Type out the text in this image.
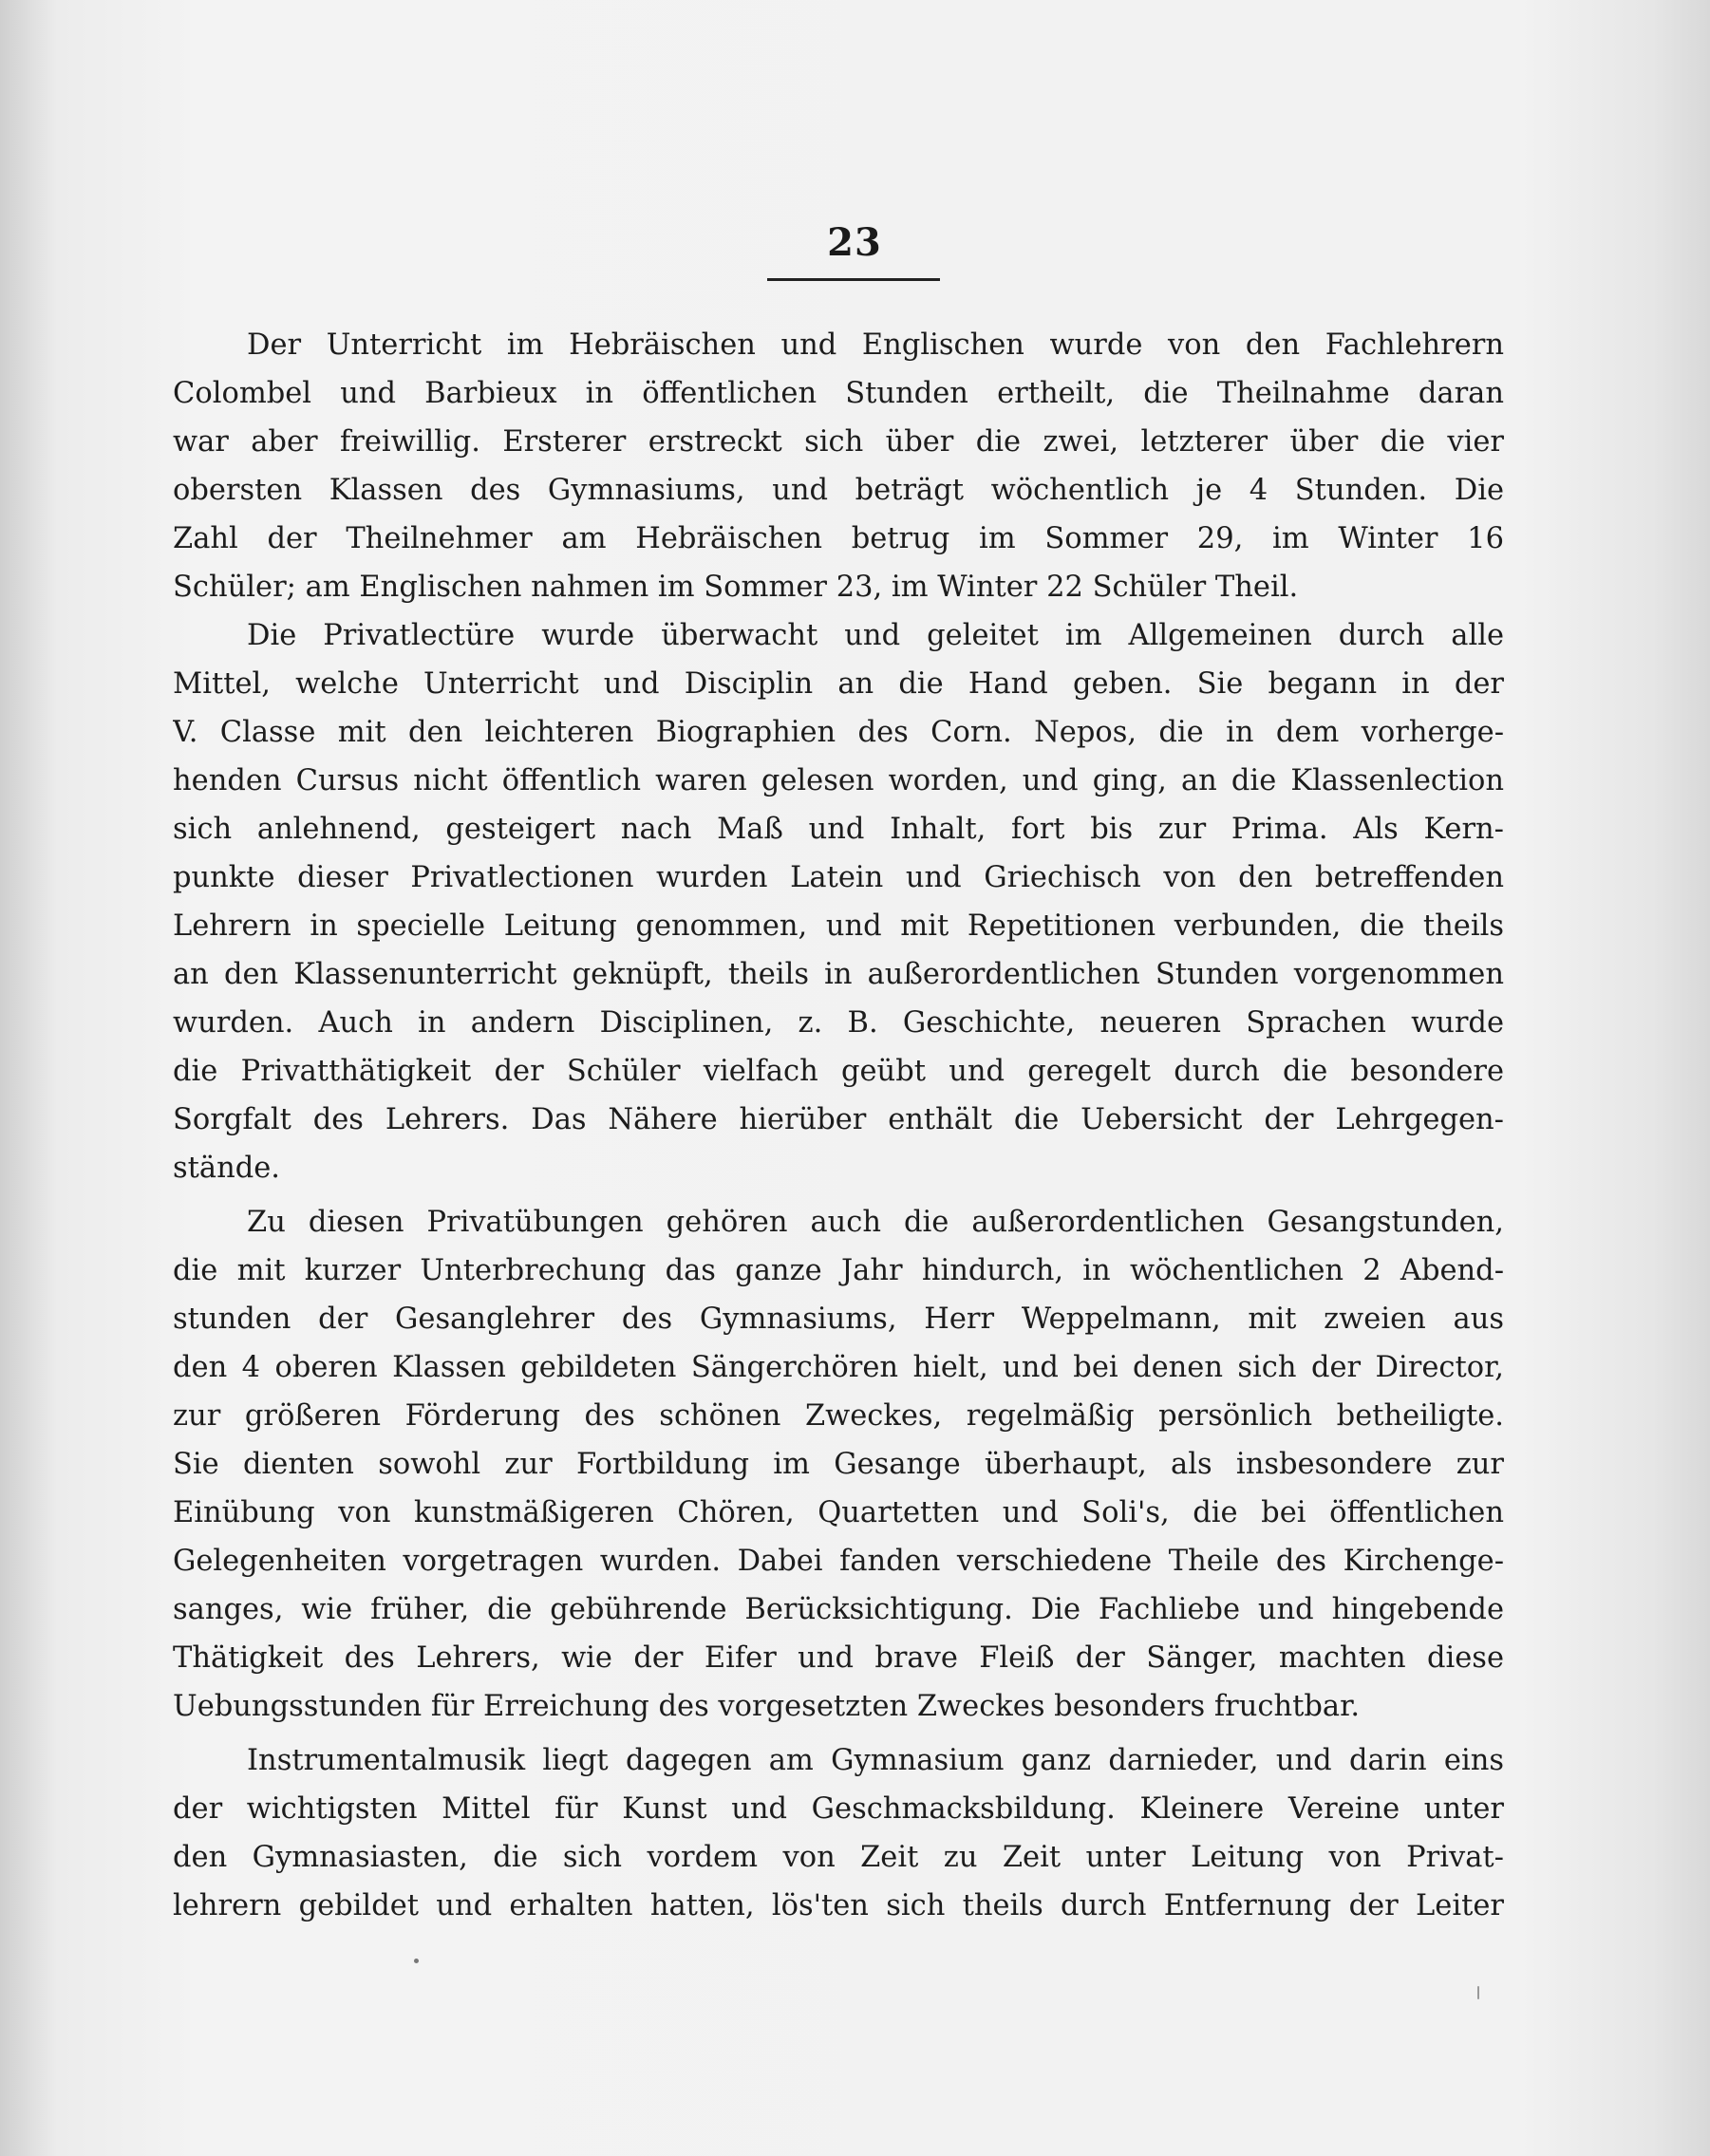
23
Der Unterricht im Hebräischen und Englischen wurde von den Fachlehrern
Colombel und Barbieux in öffentlichen Stunden ertheilt, die Theilnahme daran
war aber freiwillig. Ersterer erstreckt sich über die zwei, letzterer über die vier
obersten Klassen des Gymnasiums, und beträgt wöchentlich je 4 Stunden. Die
Zahl der Theilnehmer am Hebräischen betrug im Sommer 29, im Winter 16
Schüler; am Englischen nahmen im Sommer 23, im Winter 22 Schüler Theil.
Die Privatlectüre wurde überwacht und geleitet im Allgemeinen durch alle
Mittel, welche Unterricht und Disciplin an die Hand geben. Sie begann in der
V. Classe mit den leichteren Biographien des Corn. Nepos, die in dem vorherge-
henden Cursus nicht öffentlich waren gelesen worden, und ging, an die Klassenlection
sich anlehnend, gesteigert nach Maß und Inhalt, fort bis zur Prima. Als Kern-
punkte dieser Privatlectionen wurden Latein und Griechisch von den betreffenden
Lehrern in specielle Leitung genommen, und mit Repetitionen verbunden, die theils
an den Klassenunterricht geknüpft, theils in außerordentlichen Stunden vorgenommen
wurden. Auch in andern Disciplinen, z. B. Geschichte, neueren Sprachen wurde
die Privatthätigkeit der Schüler vielfach geübt und geregelt durch die besondere
Sorgfalt des Lehrers. Das Nähere hierüber enthält die Uebersicht der Lehrgegen-
stände.
Zu diesen Privatübungen gehören auch die außerordentlichen Gesangstunden,
die mit kurzer Unterbrechung das ganze Jahr hindurch, in wöchentlichen 2 Abend-
stunden der Gesanglehrer des Gymnasiums, Herr Weppelmann, mit zweien aus
den 4 oberen Klassen gebildeten Sängerchören hielt, und bei denen sich der Director,
zur größeren Förderung des schönen Zweckes, regelmäßig persönlich betheiligte.
Sie dienten sowohl zur Fortbildung im Gesange überhaupt, als insbesondere zur
Einübung von kunstmäßigeren Chören, Quartetten und Soli's, die bei öffentlichen
Gelegenheiten vorgetragen wurden. Dabei fanden verschiedene Theile des Kirchenge-
sanges, wie früher, die gebührende Berücksichtigung. Die Fachliebe und hingebende
Thätigkeit des Lehrers, wie der Eifer und brave Fleiß der Sänger, machten diese
Uebungsstunden für Erreichung des vorgesetzten Zweckes besonders fruchtbar.
Instrumentalmusik liegt dagegen am Gymnasium ganz darnieder, und darin eins
der wichtigsten Mittel für Kunst und Geschmacksbildung. Kleinere Vereine unter
den Gymnasiasten, die sich vordem von Zeit zu Zeit unter Leitung von Privat-
lehrern gebildet und erhalten hatten, lös'ten sich theils durch Entfernung der Leiter
